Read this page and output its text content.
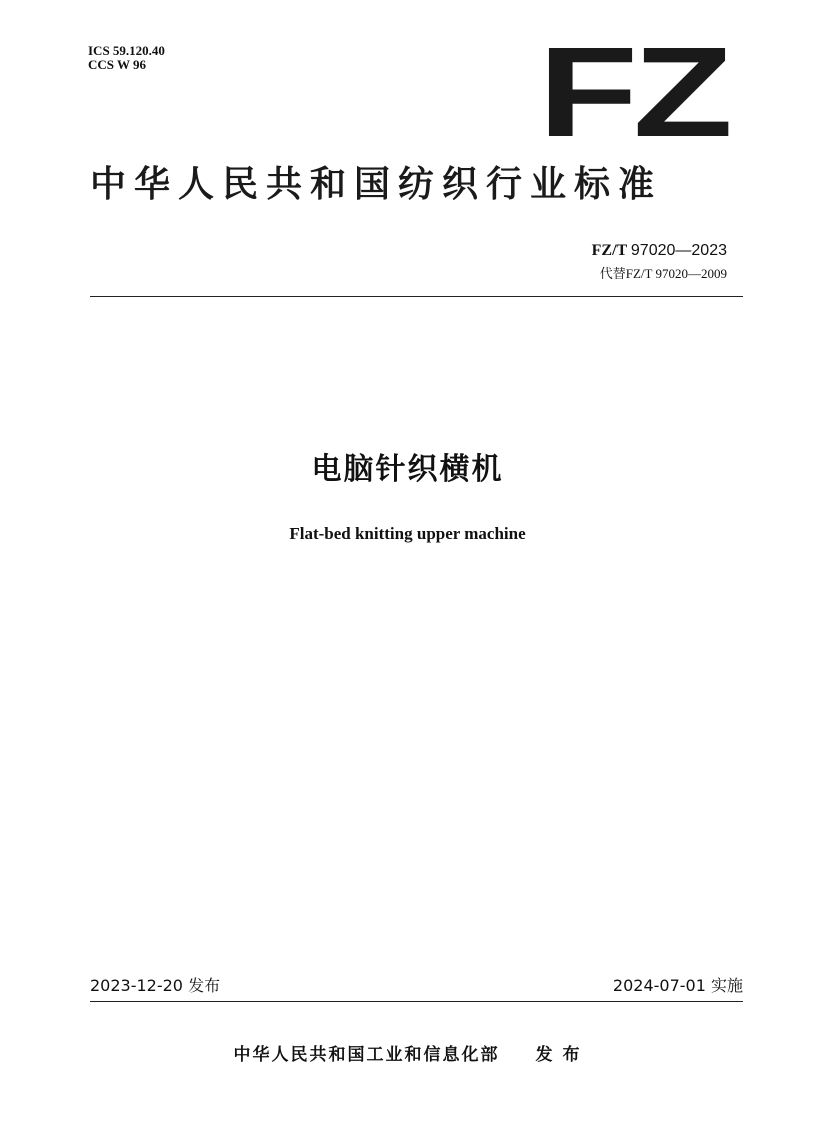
ICS 59.120.40
CCS W 96	FZ
中华人民共和国纺织行业标准
FZ/T 97020—2023
代替FZ/T 97020—2009
电脑针织横机
Flat-bed knitting upper machine
2023-12-20 发布	2024-07-01 实施
中华人民共和国工业和信息化部 发 布
